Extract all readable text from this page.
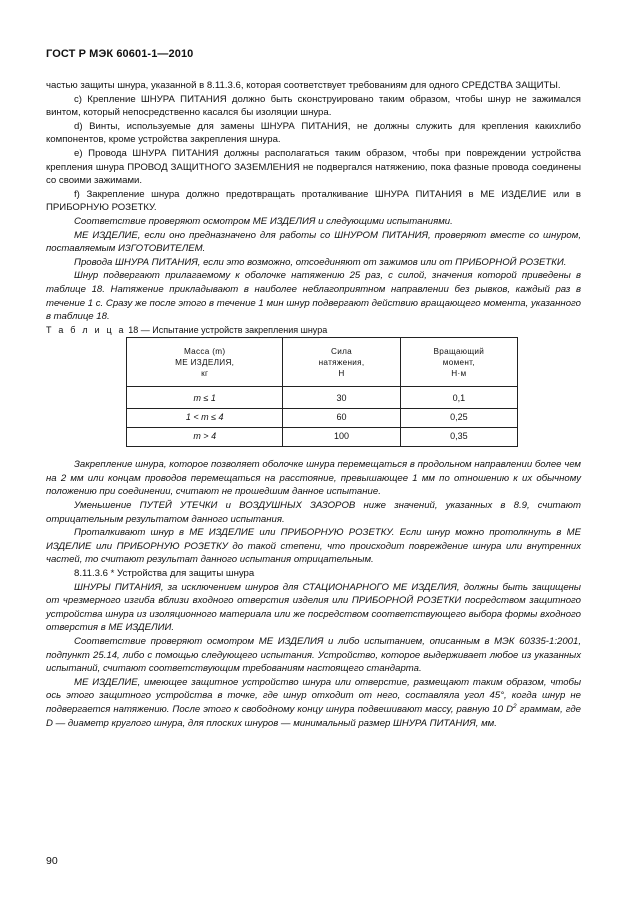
ГОСТ Р МЭК 60601-1—2010

частью защиты шнура, указанной в 8.11.3.6, которая соответствует требованиям для одного СРЕДСТВА ЗАЩИТЫ.

c) Крепление ШНУРА ПИТАНИЯ должно быть сконструировано таким образом, чтобы шнур не зажимался винтом, который непосредственно касался бы изоляции шнура.

d) Винты, используемые для замены ШНУРА ПИТАНИЯ, не должны служить для крепления какихлибо компонентов, кроме устройства закрепления шнура.

e) Провода ШНУРА ПИТАНИЯ должны располагаться таким образом, чтобы при повреждении устройства крепления шнура ПРОВОД ЗАЩИТНОГО ЗАЗЕМЛЕНИЯ не подвергался натяжению, пока фазные провода соединены со своими зажимами.

f) Закрепление шнура должно предотвращать проталкивание ШНУРА ПИТАНИЯ в МЕ ИЗДЕЛИЕ или в ПРИБОРНУЮ РОЗЕТКУ.

Соответствие проверяют осмотром МЕ ИЗДЕЛИЯ и следующими испытаниями.

МЕ ИЗДЕЛИЕ, если оно предназначено для работы со ШНУРОМ ПИТАНИЯ, проверяют вместе со шнуром, поставляемым ИЗГОТОВИТЕЛЕМ.

Провода ШНУРА ПИТАНИЯ, если это возможно, отсоединяют от зажимов или от ПРИБОРНОЙ РОЗЕТКИ.

Шнур подвергают прилагаемому к оболочке натяжению 25 раз, с силой, значения которой приведены в таблице 18. Натяжение прикладывают в наиболее неблагоприятном направлении без рывков, каждый раз в течение 1 с. Сразу же после этого в течение 1 мин шнур подвергают действию вращающего момента, указанного в таблице 18.

Т а б л и ц а 18 — Испытание устройств закрепления шнура

Масса (m)
МЕ ИЗДЕЛИЯ,
кг	Сила
натяжения,
Н	Вращающий
момент,
Н·м
m ≤ 1	30	0,1
1 < m ≤ 4	60	0,25
m > 4	100	0,35

Закрепление шнура, которое позволяет оболочке шнура перемещаться в продольном направлении более чем на 2 мм или концам проводов перемещаться на расстояние, превышающее 1 мм по отношению к их обычному положению при соединении, считают не прошедшим данное испытание.

Уменьшение ПУТЕЙ УТЕЧКИ и ВОЗДУШНЫХ ЗАЗОРОВ ниже значений, указанных в 8.9, считают отрицательным результатом данного испытания.

Проталкивают шнур в МЕ ИЗДЕЛИЕ или ПРИБОРНУЮ РОЗЕТКУ. Если шнур можно протолкнуть в МЕ ИЗДЕЛИЕ или ПРИБОРНУЮ РОЗЕТКУ до такой степени, что происходит повреждение шнура или внутренних частей, то считают результат данного испытания отрицательным.

8.11.3.6 * Устройства для защиты шнура

ШНУРЫ ПИТАНИЯ, за исключением шнуров для СТАЦИОНАРНОГО МЕ ИЗДЕЛИЯ, должны быть защищены от чрезмерного изгиба вблизи входного отверстия изделия или ПРИБОРНОЙ РОЗЕТКИ посредством защитного устройства шнура из изоляционного материала или же посредством соответствующего выбора формы входного отверстия в МЕ ИЗДЕЛИИ.

Соответствие проверяют осмотром МЕ ИЗДЕЛИЯ и либо испытанием, описанным в МЭК 60335-1:2001, подпункт 25.14, либо с помощью следующего испытания. Устройство, которое выдерживает любое из указанных испытаний, считают соответствующим требованиям настоящего стандарта.

МЕ ИЗДЕЛИЕ, имеющее защитное устройство шнура или отверстие, размещают таким образом, чтобы ось этого защитного устройства в точке, где шнур отходит от него, составляла угол 45°, когда шнур не подвергается натяжению. После этого к свободному концу шнура подвешивают массу, равную 10 $D^2$ граммам, где D — диаметр круглого шнура, для плоских шнуров — минимальный размер ШНУРА ПИТАНИЯ, мм.

90
